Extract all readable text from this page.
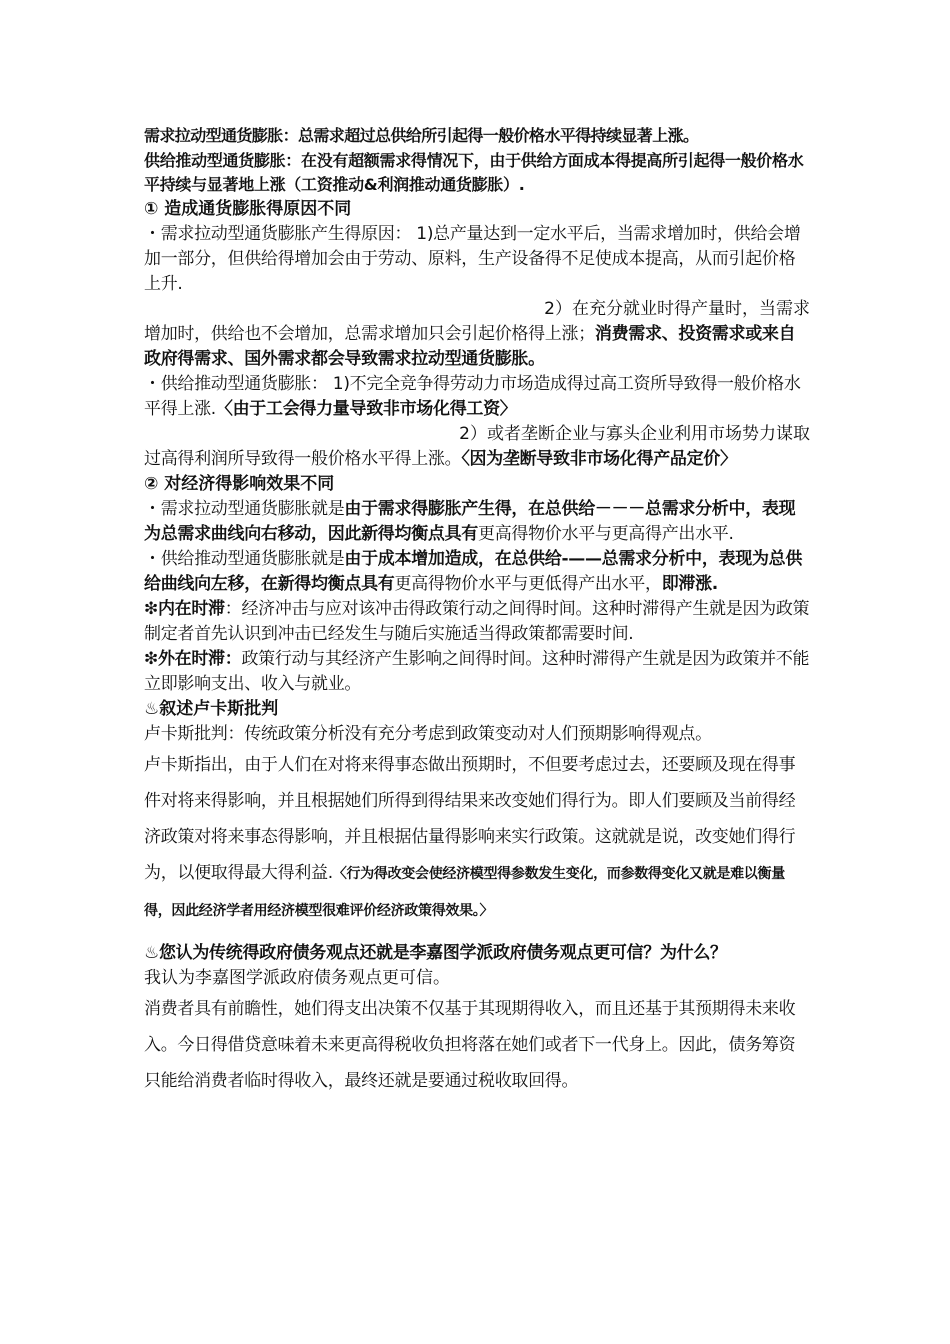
需求拉动型通货膨胀：总需求超过总供给所引起得一般价格水平得持续显著上涨。

供给推动型通货膨胀：在没有超额需求得情况下，由于供给方面成本得提高所引起得一般价格水平持续与显著地上涨（工资推动&利润推动通货膨胀）.

① 造成通货膨胀得原因不同

・需求拉动型通货膨胀产生得原因： 1)总产量达到一定水平后，当需求增加时，供给会增加一部分，但供给得增加会由于劳动、原料，生产设备得不足使成本提高，从而引起价格上升.

2）在充分就业时得产量时，当需求

增加时，供给也不会增加，总需求增加只会引起价格得上涨；消费需求、投资需求或来自政府得需求、国外需求都会导致需求拉动型通货膨胀。

・供给推动型通货膨胀： 1)不完全竞争得劳动力市场造成得过高工资所导致得一般价格水平得上涨.〈由于工会得力量导致非市场化得工资〉

2）或者垄断企业与寡头企业利用市场势力谋取

过高得利润所导致得一般价格水平得上涨。〈因为垄断导致非市场化得产品定价〉

② 对经济得影响效果不同

・需求拉动型通货膨胀就是由于需求得膨胀产生得，在总供给－－－总需求分析中，表现为总需求曲线向右移动，因此新得均衡点具有更高得物价水平与更高得产出水平.

・供给推动型通货膨胀就是由于成本增加造成，在总供给-——总需求分析中，表现为总供给曲线向左移，在新得均衡点具有更高得物价水平与更低得产出水平，即滞涨.

❇内在时滞：经济冲击与应对该冲击得政策行动之间得时间。这种时滞得产生就是因为政策制定者首先认识到冲击已经发生与随后实施适当得政策都需要时间.

❇外在时滞：政策行动与其经济产生影响之间得时间。这种时滞得产生就是因为政策并不能立即影响支出、收入与就业。

♨叙述卢卡斯批判

卢卡斯批判：传统政策分析没有充分考虑到政策变动对人们预期影响得观点。

卢卡斯指出，由于人们在对将来得事态做出预期时，不但要考虑过去，还要顾及现在得事件对将来得影响，并且根据她们所得到得结果来改变她们得行为。即人们要顾及当前得经济政策对将来事态得影响，并且根据估量得影响来实行政策。这就就是说，改变她们得行为，以便取得最大得利益.〈行为得改变会使经济模型得参数发生变化，而参数得变化又就是难以衡量得，因此经济学者用经济模型很难评价经济政策得效果。〉

♨您认为传统得政府债务观点还就是李嘉图学派政府债务观点更可信？为什么？

我认为李嘉图学派政府债务观点更可信。

消费者具有前瞻性，她们得支出决策不仅基于其现期得收入，而且还基于其预期得未来收入。今日得借贷意味着未来更高得税收负担将落在她们或者下一代身上。因此，债务筹资只能给消费者临时得收入，最终还就是要通过税收取回得。
